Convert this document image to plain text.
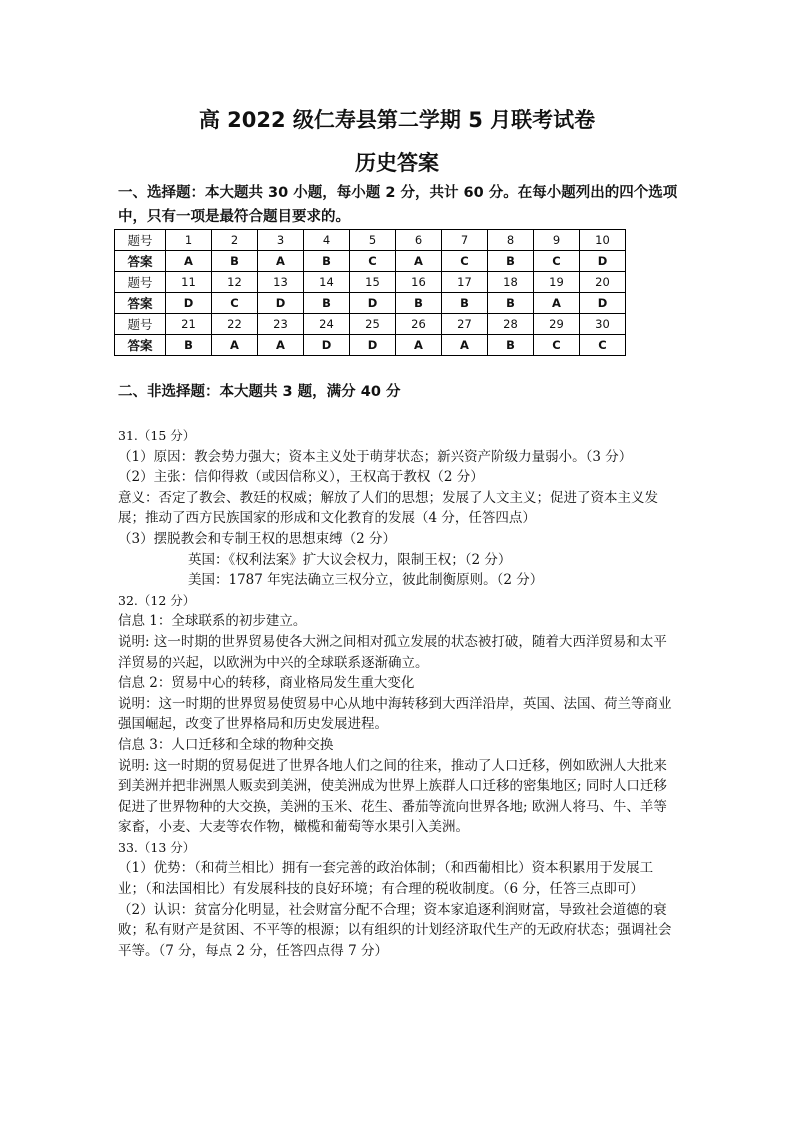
高 2022 级仁寿县第二学期 5 月联考试卷
历史答案
一、选择题：本大题共 30 小题，每小题 2 分，共计 60 分。在每小题列出的四个选项中，只有一项是最符合题目要求的。
题号	1	2	3	4	5	6	7	8	9	10
答案	A	B	A	B	C	A	C	B	C	D
题号	11	12	13	14	15	16	17	18	19	20
答案	D	C	D	B	D	B	B	B	A	D
题号	21	22	23	24	25	26	27	28	29	30
答案	B	A	A	D	D	A	A	B	C	C
二、非选择题：本大题共 3 题，满分 40 分

31.（15 分）

（1）原因：教会势力强大；资本主义处于萌芽状态；新兴资产阶级力量弱小。（3 分）

（2）主张：信仰得救（或因信称义），王权高于教权（2 分）

意义：否定了教会、教廷的权威；解放了人们的思想；发展了人文主义；促进了资本主义发展；推动了西方民族国家的形成和文化教育的发展（4 分，任答四点）

（3）摆脱教会和专制王权的思想束缚（2 分）

英国：《权利法案》扩大议会权力，限制王权；（2 分）

美国：1787 年宪法确立三权分立，彼此制衡原则。（2 分）

32.（12 分）

信息 1：全球联系的初步建立。

说明: 这一时期的世界贸易使各大洲之间相对孤立发展的状态被打破，随着大西洋贸易和太平洋贸易的兴起，以欧洲为中兴的全球联系逐渐确立。

信息 2：贸易中心的转移，商业格局发生重大变化

说明：这一时期的世界贸易使贸易中心从地中海转移到大西洋沿岸，英国、法国、荷兰等商业强国崛起，改变了世界格局和历史发展进程。

信息 3：人口迁移和全球的物种交换

说明: 这一时期的贸易促进了世界各地人们之间的往来，推动了人口迁移，例如欧洲人大批来到美洲并把非洲黑人贩卖到美洲，使美洲成为世界上族群人口迁移的密集地区; 同时人口迁移促进了世界物种的大交换，美洲的玉米、花生、番茄等流向世界各地; 欧洲人将马、牛、羊等家畜，小麦、大麦等农作物，橄榄和葡萄等水果引入美洲。

33.（13 分）

（1）优势：（和荷兰相比）拥有一套完善的政治体制；（和西葡相比）资本积累用于发展工业；（和法国相比）有发展科技的良好环境；有合理的税收制度。（6 分，任答三点即可）

（2）认识：贫富分化明显，社会财富分配不合理；资本家追逐利润财富，导致社会道德的衰败；私有财产是贫困、不平等的根源；以有组织的计划经济取代生产的无政府状态；强调社会平等。（7 分，每点 2 分，任答四点得 7 分）
